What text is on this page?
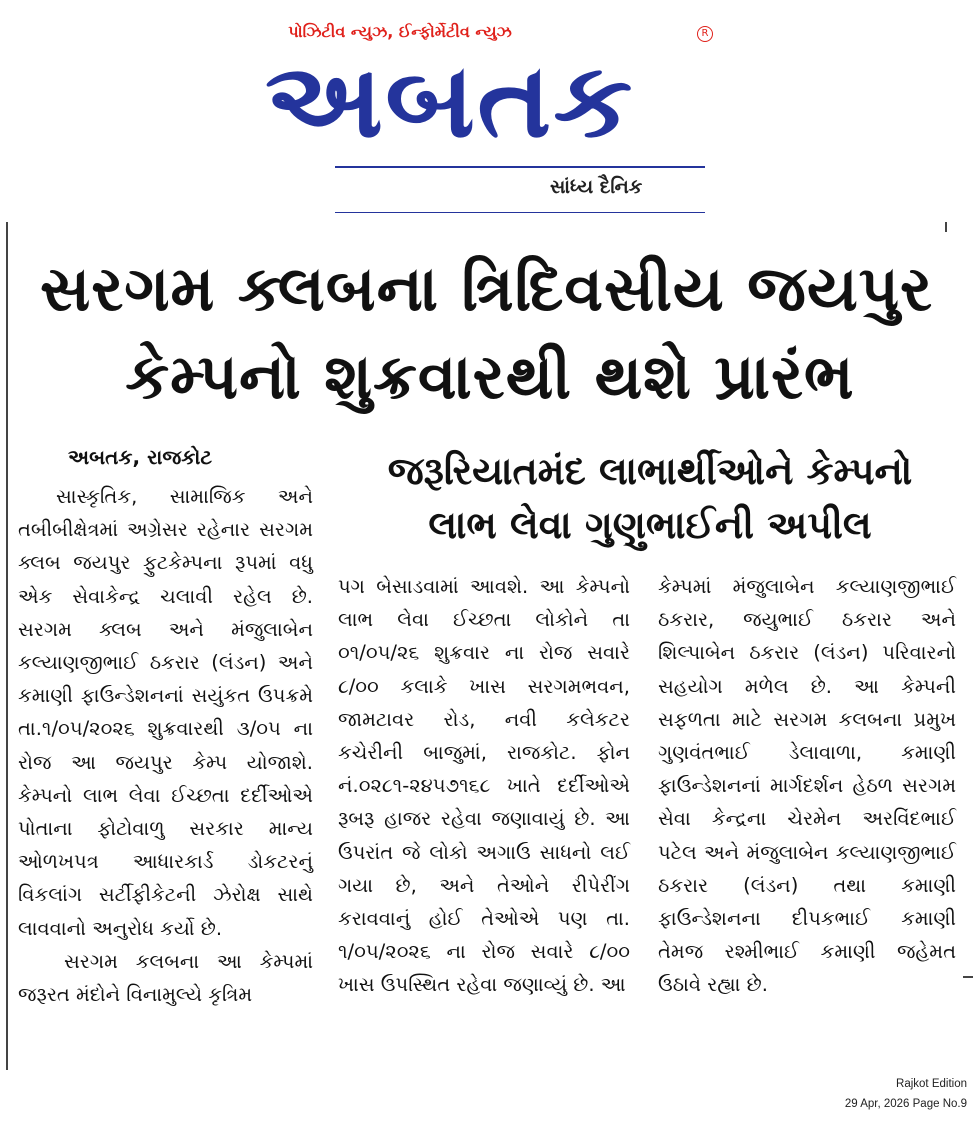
પોઝિટીવ ન્યુઝ, ઈન્ફોર્મેટીવ ન્યુઝ	R
અબતક
સાંધ્ય દૈનિક
સરગમ ક્લબના ત્રિદિવસીય જયપુર
કેમ્પનો શુક્રવારથી થશે પ્રારંભ
અબતક, રાજકોટ	જરૂરિયાતમંદ લાભાર્થીઓને કેમ્પનો
લાભ લેવા ગુણુભાઈની અપીલ

સાસ્કૃતિક, સામાજિક અને તબીબીક્ષેત્રમાં અગ્રેસર રહેનાર સરગમ ક્લબ જયપુર ફુટકેમ્પના રૂપમાં વધુ એક સેવાકેન્દ્ર ચલાવી રહેલ છે. સરગમ ક્લબ અને મંજુલાબેન કલ્યાણજીભાઈ ઠકરાર (લંડન) અને કમાણી ફાઉન્ડેશનનાં સયુંકત ઉપક્રમે તા.૧/૦૫/૨૦૨૬ શુક્રવારથી ૩/૦૫ ના રોજ આ જયપુર કેમ્પ યોજાશે. કેમ્પનો લાભ લેવા ઈચ્છતા દર્દીઓએ પોતાના ફોટોવાળુ સરકાર માન્ય ઓળખપત્ર આધારકાર્ડ ડોકટરનું વિકલાંગ સર્ટીફીકેટની ઝેરોક્ષ સાથે લાવવાનો અનુરોધ કર્યો છે.

સરગમ કલબના આ કેમ્પમાં જરૂરત મંદોને વિનામુલ્યે કૃત્રિમ

પગ બેસાડવામાં આવશે. આ કેમ્પનો લાભ લેવા ઈચ્છતા લોકોને તા ૦૧/૦૫/૨૬ શુક્રવાર ના રોજ સવારે ૮/૦૦ કલાકે ખાસ સરગમભવન, જામટાવર રોડ, નવી કલેકટર કચેરીની બાજુમાં, રાજકોટ. ફોન નં.૦૨૮૧-૨૪૫૭૧૬૮ ખાતે દર્દીઓએ રૂબરૂ હાજર રહેવા જણાવાયું છે. આ ઉપરાંત જે લોકો અગાઉ સાધનો લઈ ગયા છે, અને તેઓને રીપેરીંગ કરાવવાનું હોઈ તેઓએ પણ તા. ૧/૦૫/૨૦૨૬ ના રોજ સવારે ૮/૦૦ ખાસ ઉપસ્થિત રહેવા જણાવ્યું છે. આ

કેમ્પમાં મંજુલાબેન કલ્યાણજીભાઈ ઠકરાર, જયુભાઈ ઠકરાર અને શિલ્પાબેન ઠકરાર (લંડન) પરિવારનો સહયોગ મળેલ છે. આ કેમ્પની સફળતા માટે સરગમ કલબના પ્રમુખ ગુણવંતભાઈ ડેલાવાળા, કમાણી ફાઉન્ડેશનનાં માર્ગદર્શન હેઠળ સરગમ સેવા કેન્દ્રના ચેરમેન અરવિંદભાઈ પટેલ અને મંજુલાબેન કલ્યાણજીભાઈ ઠકરાર (લંડન) તથા કમાણી ફાઉન્ડેશનના દીપકભાઈ કમાણી તેમજ રશ્મીભાઈ કમાણી જહેમત ઉઠાવે રહ્યા છે.

Rajkot Edition
29 Apr, 2026 Page No.9
